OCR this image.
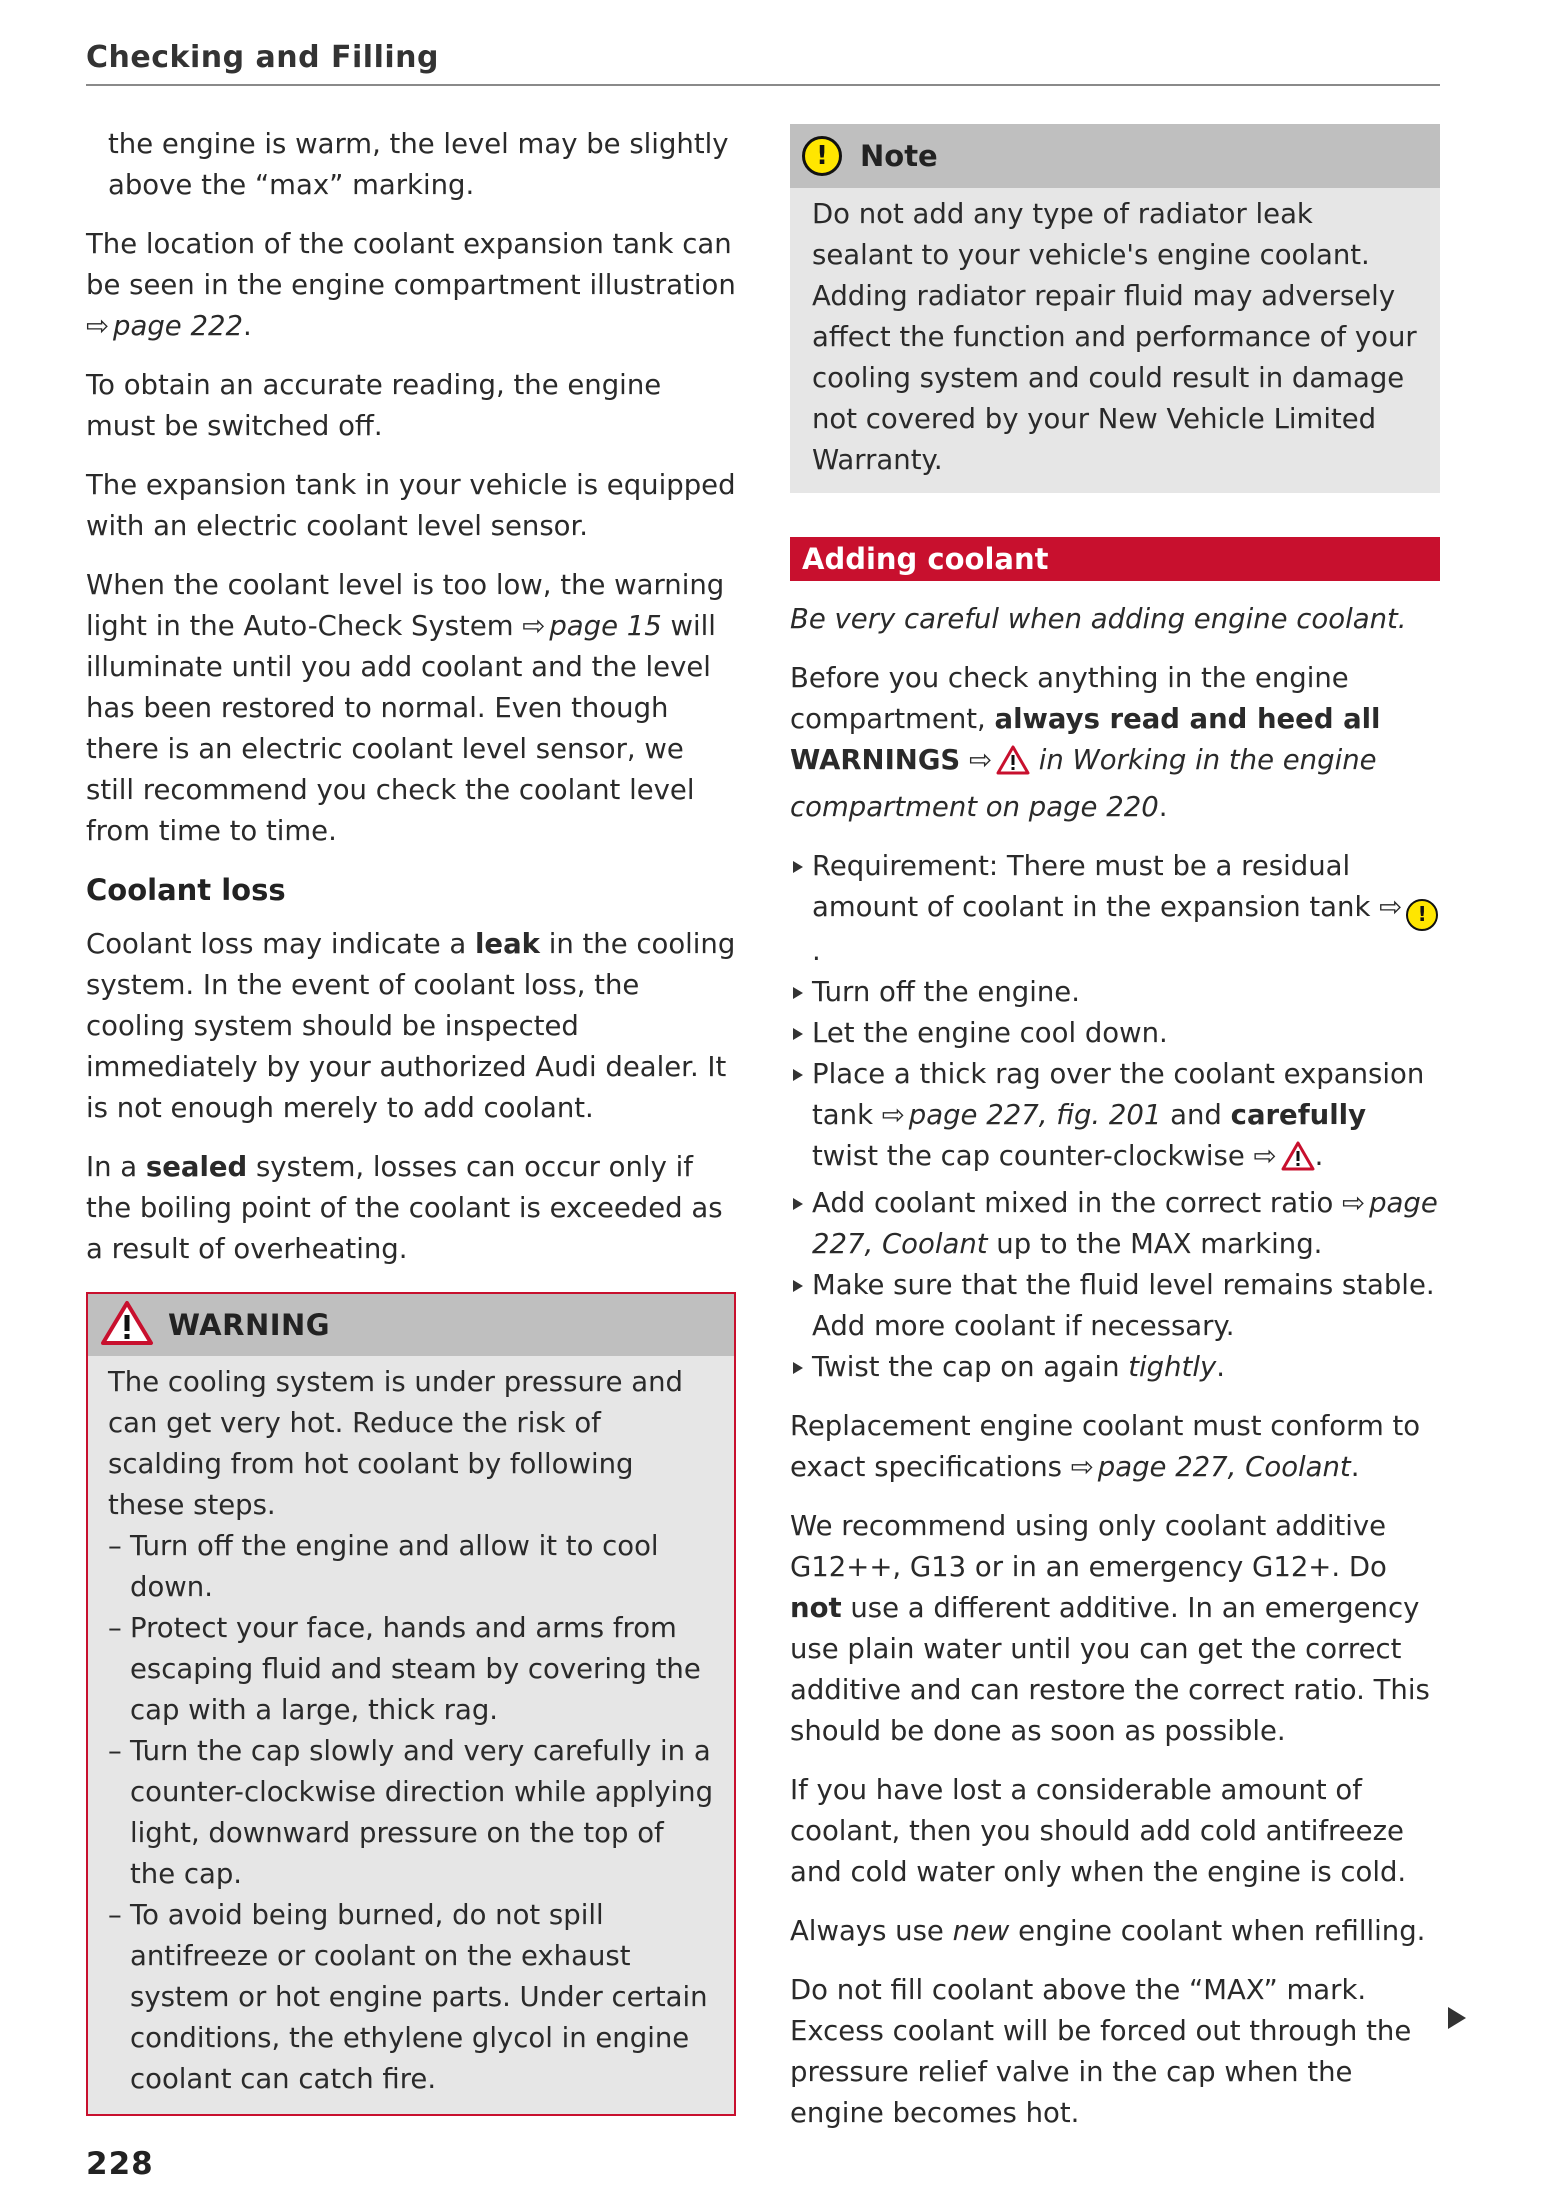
Checking and Filling

the engine is warm, the level may be slightly above the “max” marking.

The location of the coolant expansion tank can be seen in the engine compartment illustration ⇨ page 222.

To obtain an accurate reading, the engine must be switched off.

The expansion tank in your vehicle is equipped with an electric coolant level sensor.

When the coolant level is too low, the warning light in the Auto-Check System ⇨ page 15 will illuminate until you add coolant and the level has been restored to normal. Even though there is an electric coolant level sensor, we still recommend you check the coolant level from time to time.

Coolant loss

Coolant loss may indicate a leak in the cooling system. In the event of coolant loss, the cooling system should be inspected immediately by your authorized Audi dealer. It is not enough merely to add coolant.

In a sealed system, losses can occur only if the boiling point of the coolant is exceeded as a result of overheating.

WARNING

The cooling system is under pressure and can get very hot. Reduce the risk of scalding from hot coolant by following these steps.

– Turn off the engine and allow it to cool down.
– Protect your face, hands and arms from escaping fluid and steam by covering the cap with a large, thick rag.
– Turn the cap slowly and very carefully in a counter-clockwise direction while applying light, downward pressure on the top of the cap.
– To avoid being burned, do not spill antifreeze or coolant on the exhaust system or hot engine parts. Under certain conditions, the ethylene glycol in engine coolant can catch fire.
!	Note

Do not add any type of radiator leak sealant to your vehicle's engine coolant. Adding radiator repair fluid may adversely affect the function and performance of your cooling system and could result in damage not covered by your New Vehicle Limited Warranty.

Adding coolant

Be very careful when adding engine coolant.

Before you check anything in the engine compartment, always read and heed all WARNINGS ⇨	in Working in the engine compartment on page 220.

Requirement: There must be a residual amount of coolant in the expansion tank ⇨ !.
Turn off the engine.
Let the engine cool down.
Place a thick rag over the coolant expansion tank ⇨ page 227, fig. 201 and carefully twist the cap counter-clockwise ⇨	.
Add coolant mixed in the correct ratio ⇨ page 227, Coolant up to the MAX marking.
Make sure that the fluid level remains stable. Add more coolant if necessary.
Twist the cap on again tightly.

Replacement engine coolant must conform to exact specifications ⇨ page 227, Coolant.

We recommend using only coolant additive G12++, G13 or in an emergency G12+. Do not use a different additive. In an emergency use plain water until you can get the correct additive and can restore the correct ratio. This should be done as soon as possible.

If you have lost a considerable amount of coolant, then you should add cold antifreeze and cold water only when the engine is cold.

Always use new engine coolant when refilling.

Do not fill coolant above the “MAX” mark. Excess coolant will be forced out through the pressure relief valve in the cap when the engine becomes hot.

228
